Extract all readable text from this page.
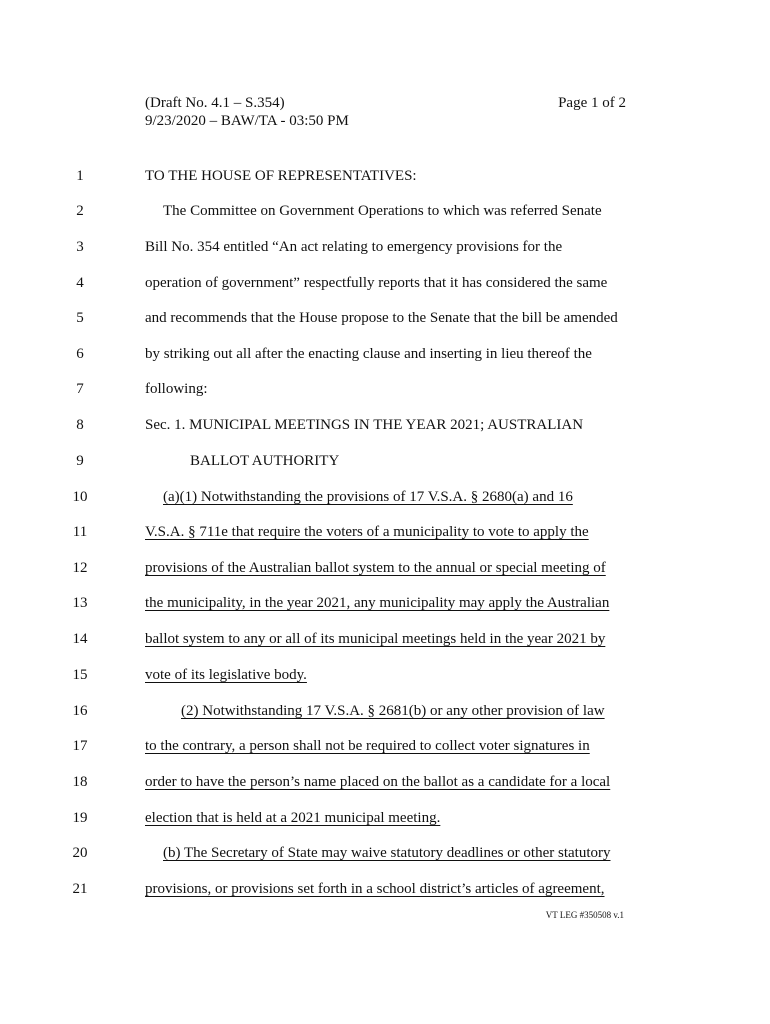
(Draft No. 4.1 – S.354)
9/23/2020 – BAW/TA - 03:50 PM
Page 1 of 2
1	TO THE HOUSE OF REPRESENTATIVES:
2	The Committee on Government Operations to which was referred Senate
3	Bill No. 354 entitled “An act relating to emergency provisions for the
4	operation of government” respectfully reports that it has considered the same
5	and recommends that the House propose to the Senate that the bill be amended
6	by striking out all after the enacting clause and inserting in lieu thereof the
7	following:
8	Sec. 1. MUNICIPAL MEETINGS IN THE YEAR 2021; AUSTRALIAN
9	BALLOT AUTHORITY
10	(a)(1) Notwithstanding the provisions of 17 V.S.A. § 2680(a) and 16
11	V.S.A. § 711e that require the voters of a municipality to vote to apply the
12	provisions of the Australian ballot system to the annual or special meeting of
13	the municipality, in the year 2021, any municipality may apply the Australian
14	ballot system to any or all of its municipal meetings held in the year 2021 by
15	vote of its legislative body.
16	(2) Notwithstanding 17 V.S.A. § 2681(b) or any other provision of law
17	to the contrary, a person shall not be required to collect voter signatures in
18	order to have the person’s name placed on the ballot as a candidate for a local
19	election that is held at a 2021 municipal meeting.
20	(b) The Secretary of State may waive statutory deadlines or other statutory
21	provisions, or provisions set forth in a school district’s articles of agreement,
VT LEG #350508 v.1
